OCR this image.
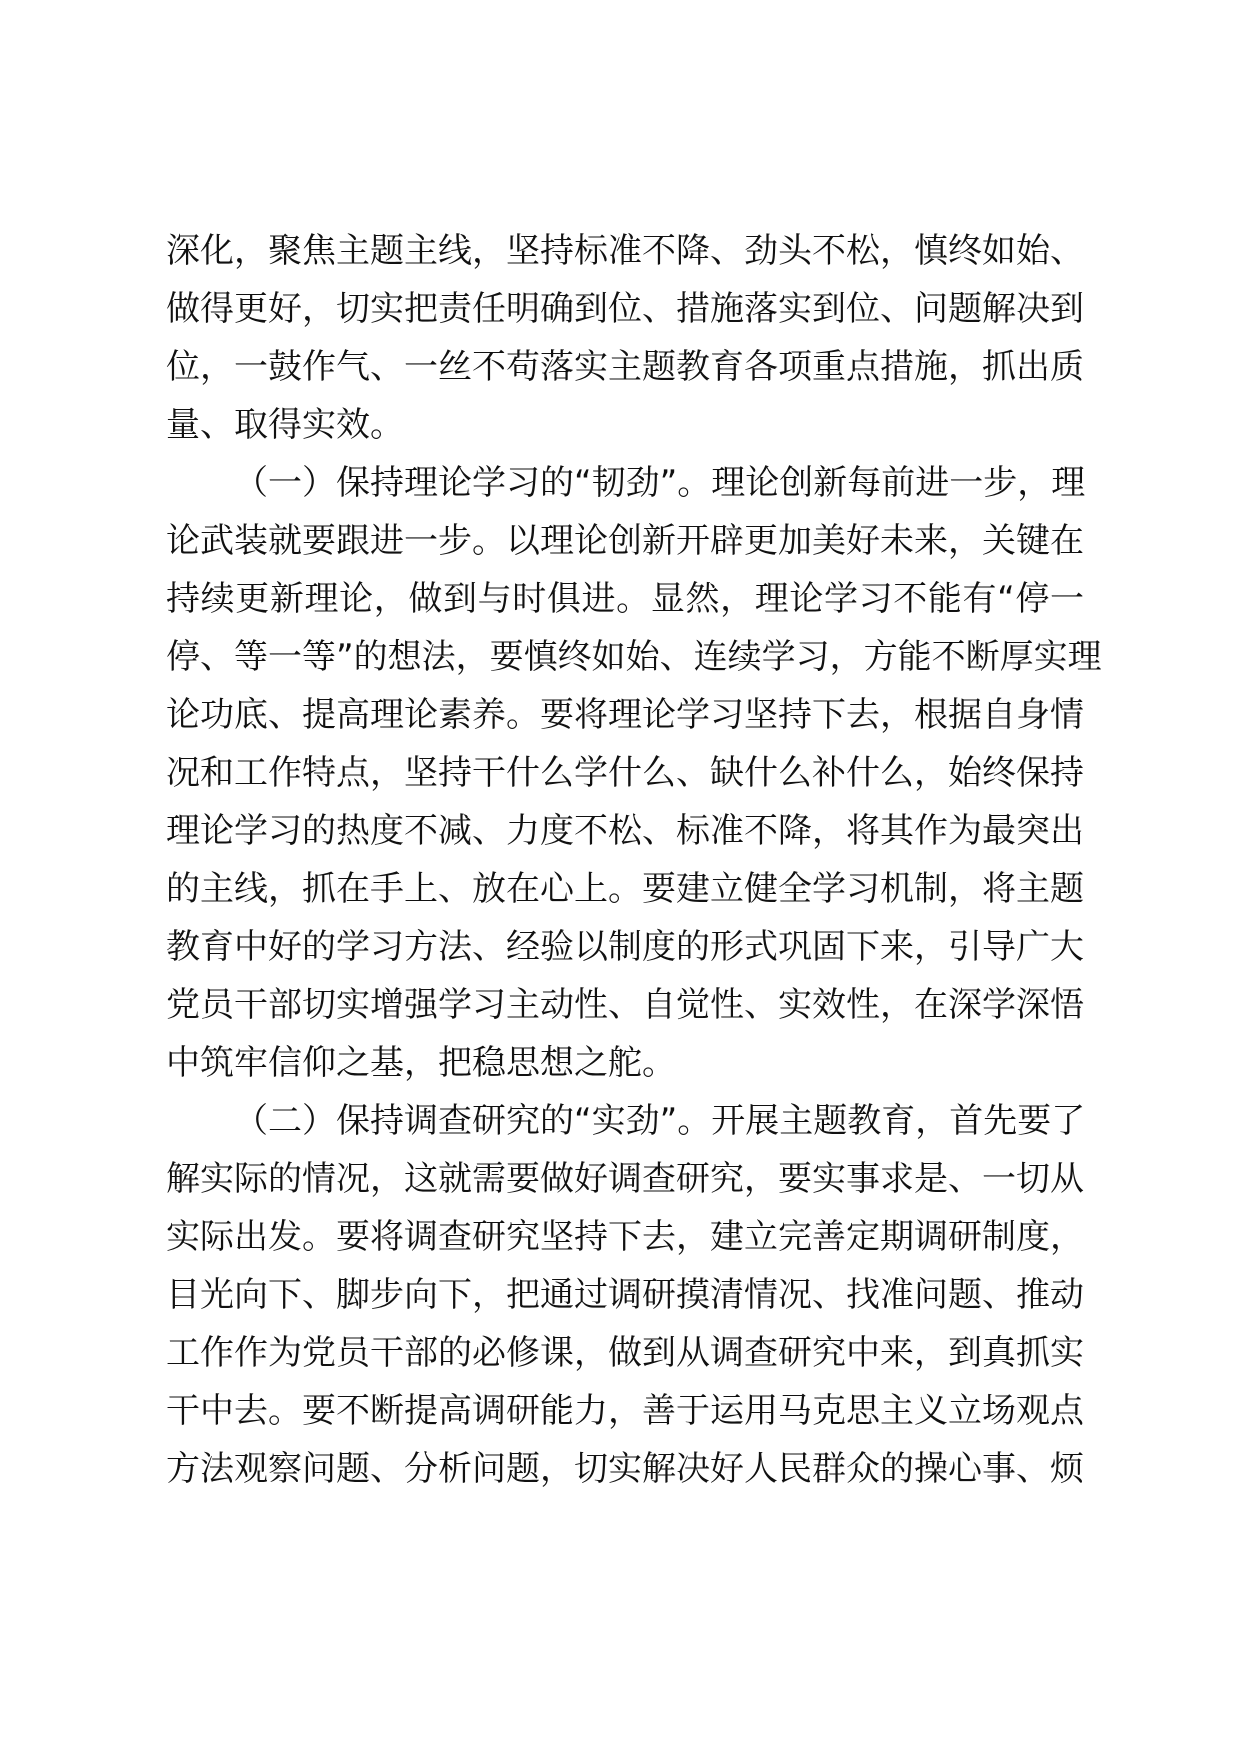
深化，聚焦主题主线，坚持标准不降、劲头不松，慎终如始、
做得更好，切实把责任明确到位、措施落实到位、问题解决到
位，一鼓作气、一丝不苟落实主题教育各项重点措施，抓出质
量、取得实效。
（一）保持理论学习的“韧劲”。理论创新每前进一步，理
论武装就要跟进一步。以理论创新开辟更加美好未来，关键在
持续更新理论，做到与时俱进。显然，理论学习不能有“停一
停、等一等”的想法，要慎终如始、连续学习，方能不断厚实理
论功底、提高理论素养。要将理论学习坚持下去，根据自身情
况和工作特点，坚持干什么学什么、缺什么补什么，始终保持
理论学习的热度不减、力度不松、标准不降，将其作为最突出
的主线，抓在手上、放在心上。要建立健全学习机制，将主题
教育中好的学习方法、经验以制度的形式巩固下来，引导广大
党员干部切实增强学习主动性、自觉性、实效性，在深学深悟
中筑牢信仰之基，把稳思想之舵。
（二）保持调查研究的“实劲”。开展主题教育，首先要了
解实际的情况，这就需要做好调查研究，要实事求是、一切从
实际出发。要将调查研究坚持下去，建立完善定期调研制度，
目光向下、脚步向下，把通过调研摸清情况、找准问题、推动
工作作为党员干部的必修课，做到从调查研究中来，到真抓实
干中去。要不断提高调研能力，善于运用马克思主义立场观点
方法观察问题、分析问题，切实解决好人民群众的操心事、烦
